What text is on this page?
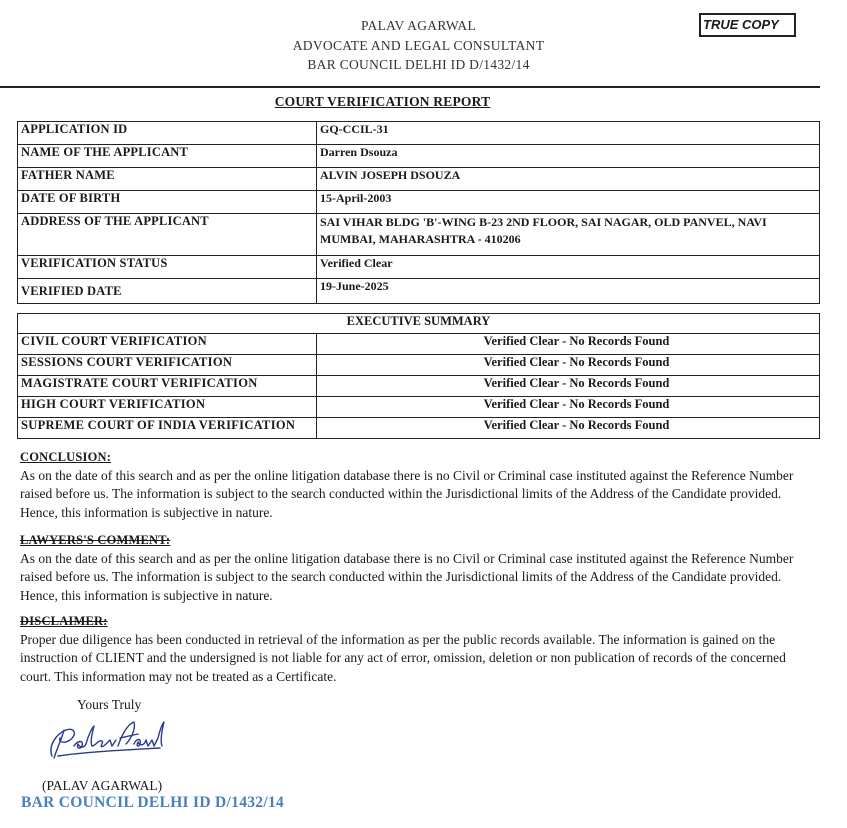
PALAV AGARWAL
ADVOCATE AND LEGAL CONSULTANT
BAR COUNCIL DELHI ID D/1432/14
TRUE COPY
COURT VERIFICATION REPORT
APPLICATION ID	GQ-CCIL-31
NAME OF THE APPLICANT	Darren Dsouza
FATHER NAME	ALVIN JOSEPH DSOUZA
DATE OF BIRTH	15-April-2003
ADDRESS OF THE APPLICANT	SAI VIHAR BLDG 'B'-WING B-23 2ND FLOOR, SAI NAGAR, OLD PANVEL, NAVI MUMBAI, MAHARASHTRA - 410206
VERIFICATION STATUS	Verified Clear
VERIFIED DATE	19-June-2025
EXECUTIVE SUMMARY	
CIVIL COURT VERIFICATION	Verified Clear - No Records Found
SESSIONS COURT VERIFICATION	Verified Clear - No Records Found
MAGISTRATE COURT VERIFICATION	Verified Clear - No Records Found
HIGH COURT VERIFICATION	Verified Clear - No Records Found
SUPREME COURT OF INDIA VERIFICATION	Verified Clear - No Records Found
CONCLUSION:
As on the date of this search and as per the online litigation database there is no Civil or Criminal case instituted against the Reference Number raised before us. The information is subject to the search conducted within the Jurisdictional limits of the Address of the Candidate provided. Hence, this information is subjective in nature.
LAWYERS'S COMMENT:
As on the date of this search and as per the online litigation database there is no Civil or Criminal case instituted against the Reference Number raised before us. The information is subject to the search conducted within the Jurisdictional limits of the Address of the Candidate provided. Hence, this information is subjective in nature.
DISCLAIMER:
Proper due diligence has been conducted in retrieval of the information as per the public records available. The information is gained on the instruction of CLIENT and the undersigned is not liable for any act of error, omission, deletion or non publication of records of the concerned court. This information may not be treated as a Certificate.
Yours Truly
(PALAV AGARWAL)
BAR COUNCIL DELHI ID D/1432/14
